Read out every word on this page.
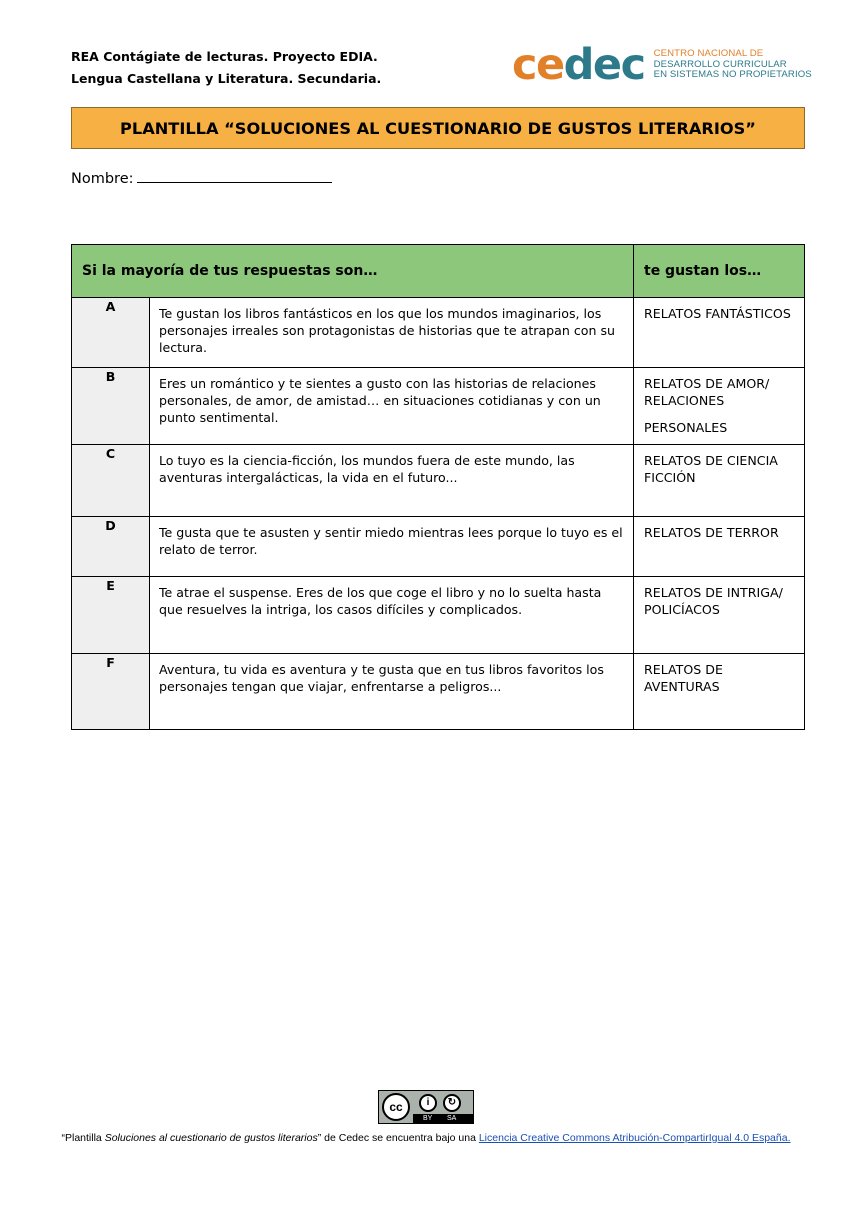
REA Contágiate de lecturas. Proyecto EDIA.
Lengua Castellana y Literatura. Secundaria.	cedec CENTRO NACIONAL DE
DESARROLLO CURRICULAR
EN SISTEMAS NO PROPIETARIOS
PLANTILLA “SOLUCIONES AL CUESTIONARIO DE GUSTOS LITERARIOS”
Nombre:
Si la mayoría de tus respuestas son…		te gustan los…
A	Te gustan los libros fantásticos en los que los mundos imaginarios, los personajes irreales son protagonistas de historias que te atrapan con su lectura.	RELATOS FANTÁSTICOS
B	Eres un romántico y te sientes a gusto con las historias de relaciones personales, de amor, de amistad… en situaciones cotidianas y con un punto sentimental.	RELATOS DE AMOR/ RELACIONES
PERSONALES

C	Lo tuyo es la ciencia-ficción, los mundos fuera de este mundo, las aventuras intergalácticas, la vida en el futuro...	RELATOS DE CIENCIA FICCIÓN
D	Te gusta que te asusten y sentir miedo mientras lees porque lo tuyo es el relato de terror.	RELATOS DE TERROR
E	Te atrae el suspense. Eres de los que coge el libro y no lo suelta hasta que resuelves la intriga, los casos difíciles y complicados.	RELATOS DE INTRIGA/ POLICÍACOS
F	Aventura, tu vida es aventura y te gusta que en tus libros favoritos los personajes tengan que viajar, enfrentarse a peligros...	RELATOS DE AVENTURAS
cc	i	↻
BY SA
“Plantilla Soluciones al cuestionario de gustos literarios” de Cedec se encuentra bajo una Licencia Creative Commons Atribución-CompartirIgual 4.0 España.
